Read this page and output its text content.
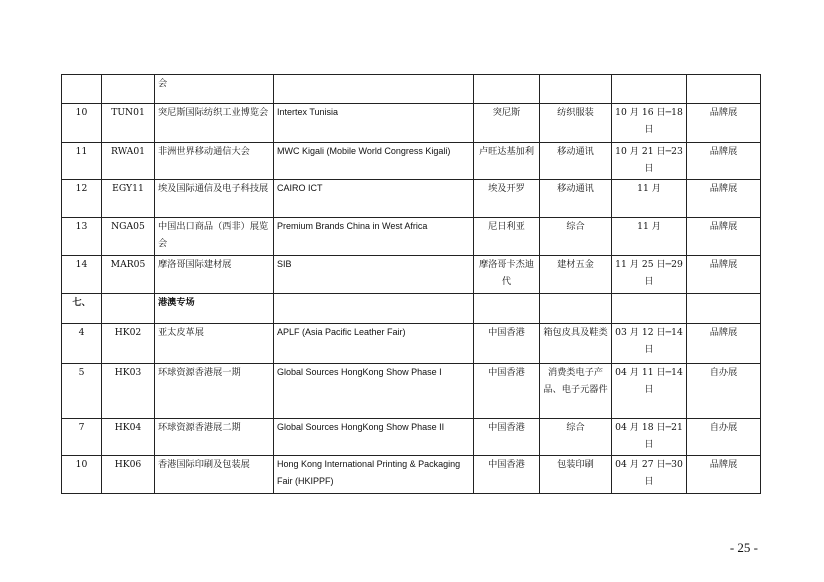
		会					
10	TUN01	突尼斯国际纺织工业博览会	Intertex Tunisia	突尼斯	纺织服装	10 月 16 日─18 日	品牌展
11	RWA01	非洲世界移动通信大会	MWC Kigali (Mobile World Congress Kigali)	卢旺达基加利	移动通讯	10 月 21 日─23 日	品牌展
12	EGY11	埃及国际通信及电子科技展	CAIRO ICT	埃及开罗	移动通讯	11 月	品牌展
13	NGA05	中国出口商品（西非）展览会	Premium Brands China in West Africa	尼日利亚	综合	11 月	品牌展
14	MAR05	摩洛哥国际建材展	SIB	摩洛哥卡杰迪代	建材五金	11 月 25 日─29 日	品牌展
七、		港澳专场					
4	HK02	亚太皮革展	APLF (Asia Pacific Leather Fair)	中国香港	箱包皮具及鞋类	03 月 12 日─14 日	品牌展
5	HK03	环球资源香港展一期	Global Sources HongKong Show Phase I	中国香港	消费类电子产品、电子元器件	04 月 11 日─14 日	自办展
7	HK04	环球资源香港展二期	Global Sources HongKong Show Phase II	中国香港	综合	04 月 18 日─21 日	自办展
10	HK06	香港国际印刷及包装展	Hong Kong International Printing & Packaging Fair (HKIPPF)	中国香港	包装印刷	04 月 27 日─30 日	品牌展
- 25 -
